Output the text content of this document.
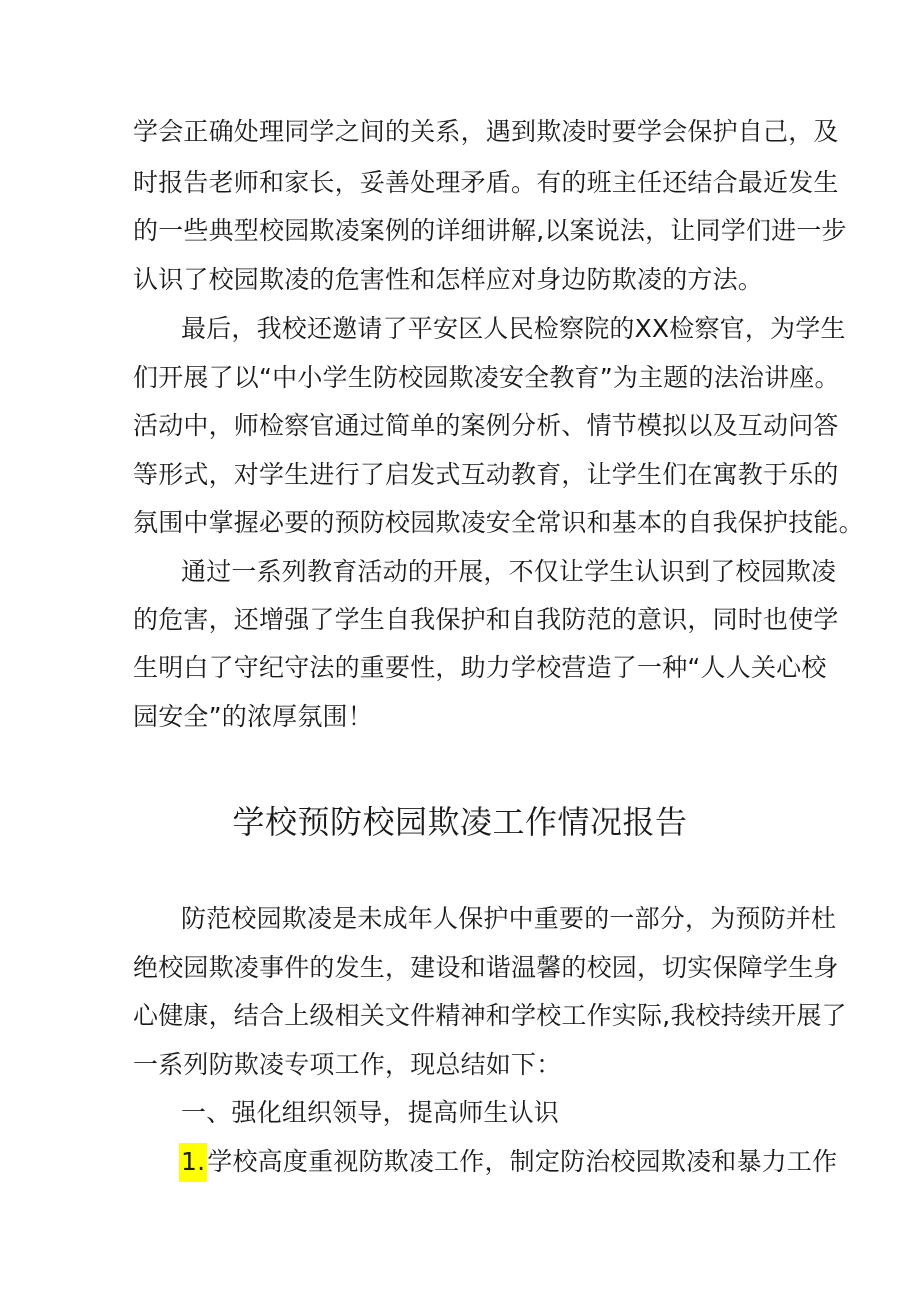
学会正确处理同学之间的关系，遇到欺凌时要学会保护自己，及
时报告老师和家长，妥善处理矛盾。有的班主任还结合最近发生
的一些典型校园欺凌案例的详细讲解,以案说法，让同学们进一步
认识了校园欺凌的危害性和怎样应对身边防欺凌的方法。
最后，我校还邀请了平安区人民检察院的XX检察官，为学生
们开展了以“中小学生防校园欺凌安全教育”为主题的法治讲座。
活动中，师检察官通过简单的案例分析、情节模拟以及互动问答
等形式，对学生进行了启发式互动教育，让学生们在寓教于乐的
氛围中掌握必要的预防校园欺凌安全常识和基本的自我保护技能。
通过一系列教育活动的开展，不仅让学生认识到了校园欺凌
的危害，还增强了学生自我保护和自我防范的意识，同时也使学
生明白了守纪守法的重要性，助力学校营造了一种“人人关心校
园安全”的浓厚氛围！
学校预防校园欺凌工作情况报告
防范校园欺凌是未成年人保护中重要的一部分，为预防并杜
绝校园欺凌事件的发生，建设和谐温馨的校园，切实保障学生身
心健康，结合上级相关文件精神和学校工作实际,我校持续开展了
一系列防欺凌专项工作，现总结如下：
一、强化组织领导，提高师生认识
1.学校高度重视防欺凌工作，制定防治校园欺凌和暴力工作
